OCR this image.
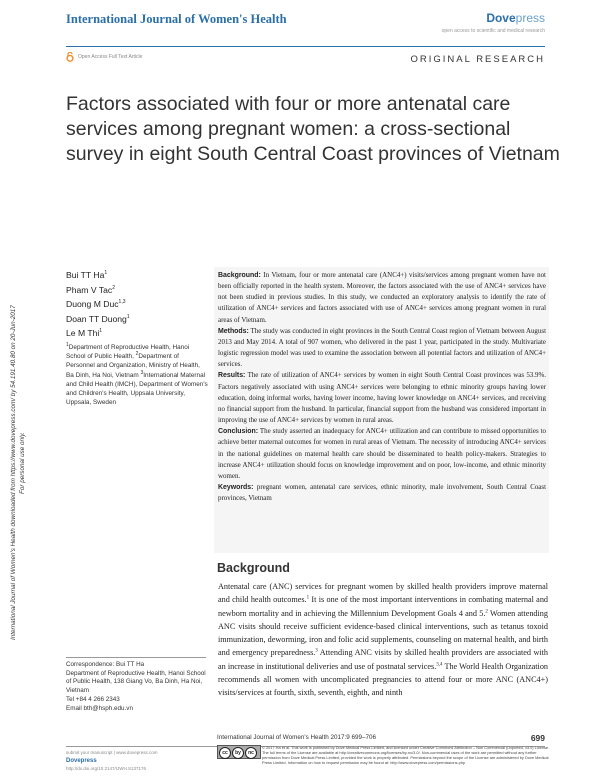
International Journal of Women's Health	Dovepress
open access to scientific and medical research
Open Access Full Text Article	ORIGINAL RESEARCH
Factors associated with four or more antenatal care services among pregnant women: a cross-sectional survey in eight South Central Coast provinces of Vietnam
International Journal of Women's Health downloaded from https://www.dovepress.com/ by 54.191.40.80 on 20-Jun-2017 For personal use only.
Bui TT Ha$^1$
Pham V Tac$^2$
Duong M Duc$^{1,3}$
Doan TT Duong$^1$
Le M Thi$^1$
$^1$Department of Reproductive Health, Hanoi School of Public Health, $^2$Department of Personnel and Organization, Ministry of Health, Ba Dinh, Ha Noi, Vietnam $^3$International Maternal and Child Health (IMCH), Department of Women's and Children's Health, Uppsala University, Uppsala, Sweden

Background: In Vietnam, four or more antenatal care (ANC4+) visits/services among pregnant women have not been officially reported in the health system. Moreover, the factors associated with the use of ANC4+ services have not been studied in previous studies. In this study, we conducted an exploratory analysis to identify the rate of utilization of ANC4+ services and factors associated with use of ANC4+ services among pregnant women in rural areas of Vietnam.

Methods: The study was conducted in eight provinces in the South Central Coast region of Vietnam between August 2013 and May 2014. A total of 907 women, who delivered in the past 1 year, participated in the study. Multivariate logistic regression model was used to examine the association between all potential factors and utilization of ANC4+ services.

Results: The rate of utilization of ANC4+ services by women in eight South Central Coast provinces was 53.9%. Factors negatively associated with using ANC4+ services were belonging to ethnic minority groups having lower education, doing informal works, having lower income, having lower knowledge on ANC4+ services, and receiving no financial support from the husband. In particular, financial support from the husband was considered important in improving the use of ANC4+ services by women in rural areas.

Conclusion: The study asserted an inadequacy for ANC4+ utilization and can contribute to missed opportunities to achieve better maternal outcomes for women in rural areas of Vietnam. The necessity of introducing ANC4+ services in the national guidelines on maternal health care should be disseminated to health policy-makers. Strategies to increase ANC4+ utilization should focus on knowledge improvement and on poor, low-income, and ethnic minority women.

Keywords: pregnant women, antenatal care services, ethnic minority, male involvement, South Central Coast provinces, Vietnam

Correspondence: Bui TT Ha
Department of Reproductive Health, Hanoi School of Public Health, 138 Giang Vo, Ba Dinh, Ha Noi, Vietnam
Tel +84 4 266 2343
Email bth@hsph.edu.vn
Background
Antenatal care (ANC) services for pregnant women by skilled health providers improve maternal and child health outcomes.$^1$ It is one of the most important interventions in combating maternal and newborn mortality and in achieving the Millennium Development Goals 4 and 5.$^2$ Women attending ANC visits should receive sufficient evidence-based clinical interventions, such as tetanus toxoid immunization, deworming, iron and folic acid supplements, counseling on maternal health, and birth and emergency preparedness.$^3$ Attending ANC visits by skilled health providers are associated with an increase in institutional deliveries and use of postnatal services.$^{3,4}$ The World Health Organization recommends all women with uncomplicated pregnancies to attend four or more ANC (ANC4+) visits/services at fourth, sixth, seventh, eighth, and ninth
International Journal of Women's Health 2017:9 699–706	699
submit your manuscript | www.dovepress.com
Dovepress
http://dx.doi.org/10.2147/IJWH.S137176
cc	by	nc
© 2017 Ha et al. This work is published by Dove Medical Press Limited, and licensed under Creative Commons Attribution – Non Commercial (unported, v3.0) License. The full terms of the License are available at http://creativecommons.org/licenses/by-nc/3.0/. Non-commercial uses of the work are permitted without any further permission from Dove Medical Press Limited, provided the work is properly attributed. Permissions beyond the scope of the License are administered by Dove Medical Press Limited. Information on how to request permission may be found at: http://www.dovepress.com/permissions.php
